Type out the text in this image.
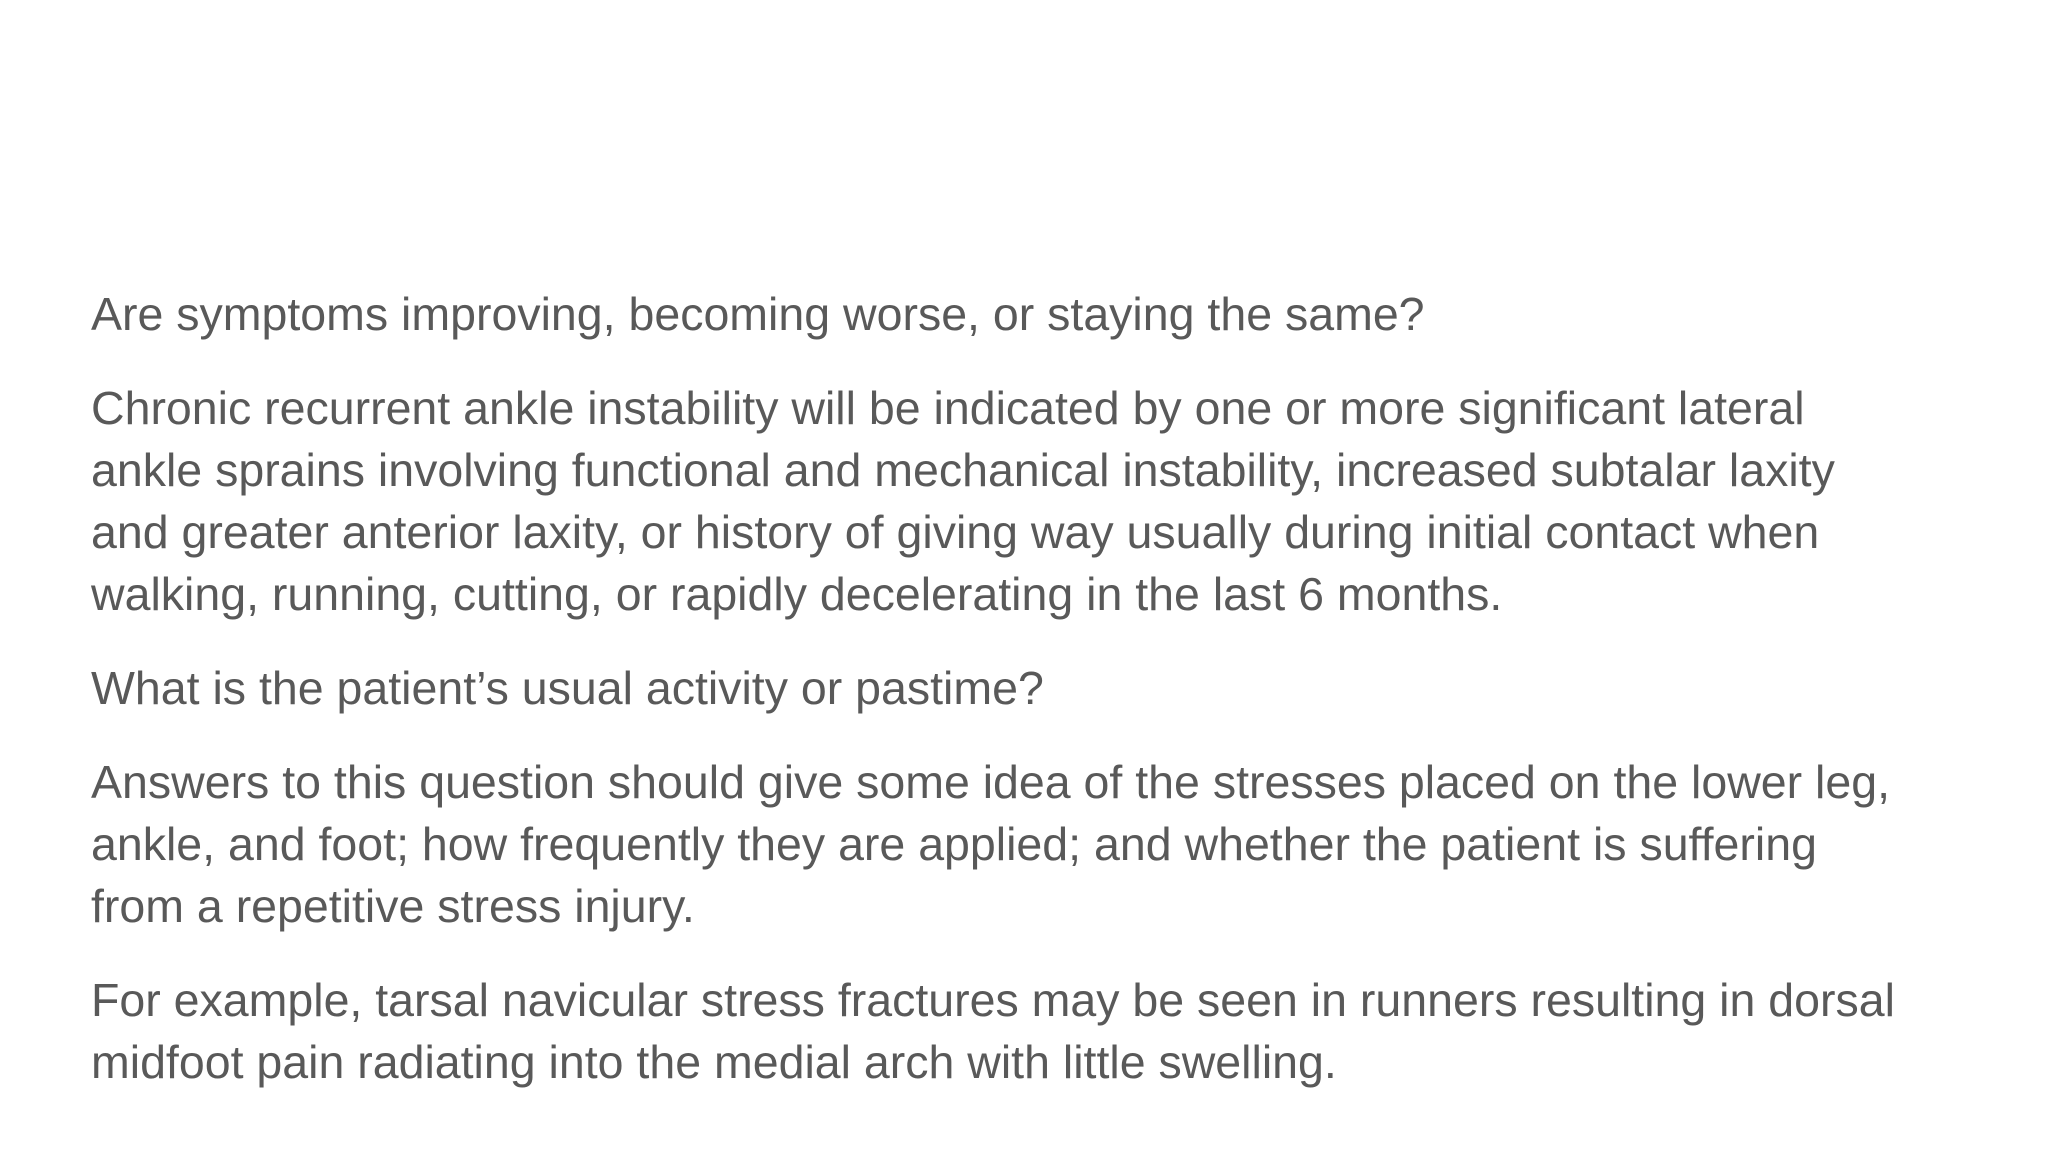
Are symptoms improving, becoming worse, or staying the same?

Chronic recurrent ankle instability will be indicated by one or more significant lateral
ankle sprains involving functional and mechanical instability, increased subtalar laxity
and greater anterior laxity, or history of giving way usually during initial contact when
walking, running, cutting, or rapidly decelerating in the last 6 months.

What is the patient’s usual activity or pastime?

Answers to this question should give some idea of the stresses placed on the lower leg,
ankle, and foot; how frequently they are applied; and whether the patient is suffering
from a repetitive stress injury.

For example, tarsal navicular stress fractures may be seen in runners resulting in dorsal
midfoot pain radiating into the medial arch with little swelling.
